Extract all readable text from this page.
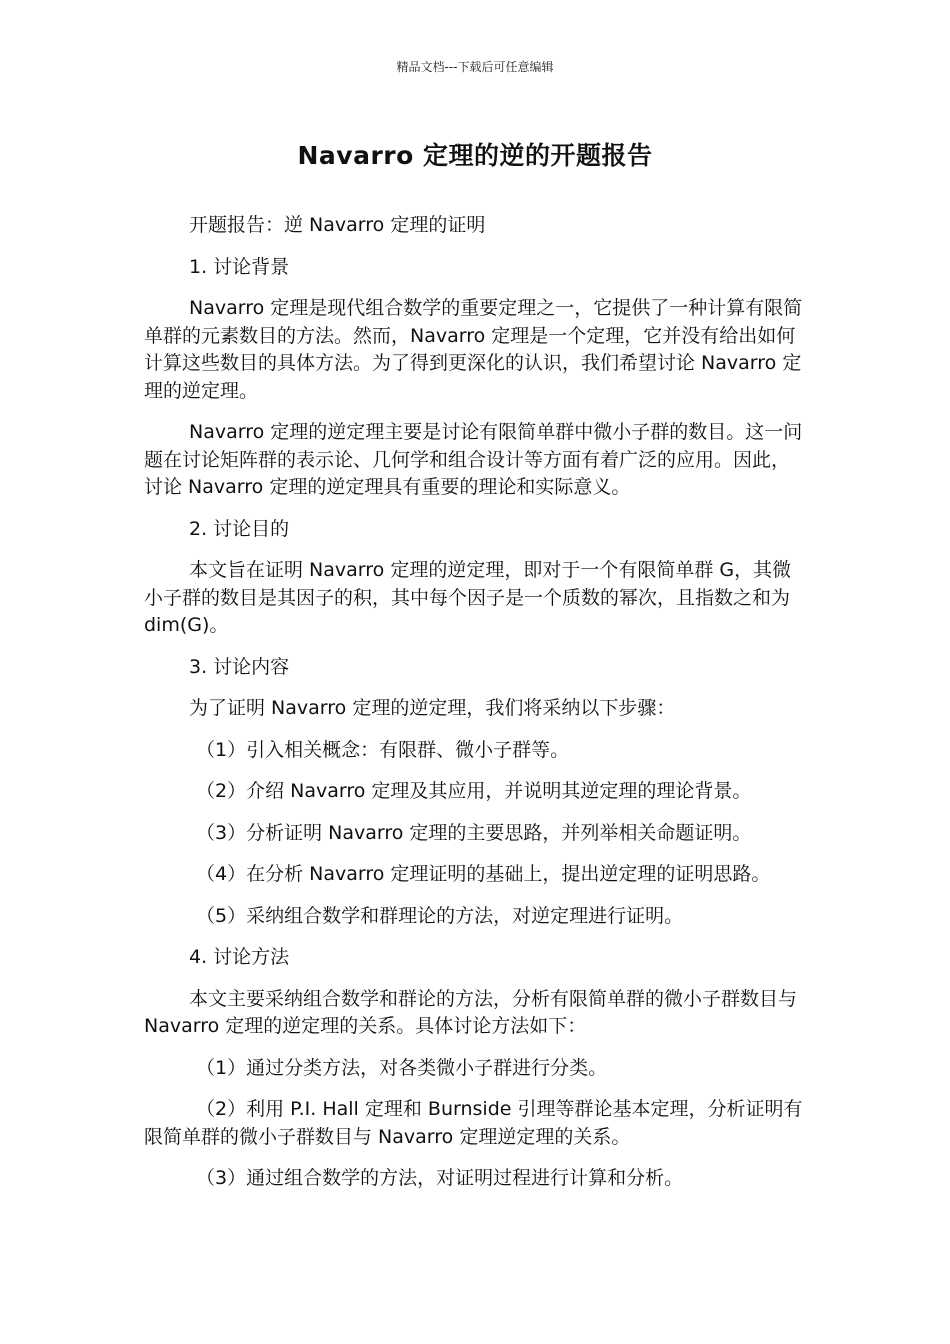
精品文档---下载后可任意编辑
Navarro 定理的逆的开题报告

开题报告：逆 Navarro 定理的证明

1. 讨论背景

Navarro 定理是现代组合数学的重要定理之一，它提供了一种计算有限简单群的元素数目的方法。然而，Navarro 定理是一个定理，它并没有给出如何计算这些数目的具体方法。为了得到更深化的认识，我们希望讨论 Navarro 定理的逆定理。

Navarro 定理的逆定理主要是讨论有限简单群中微小子群的数目。这一问题在讨论矩阵群的表示论、几何学和组合设计等方面有着广泛的应用。因此，讨论 Navarro 定理的逆定理具有重要的理论和实际意义。

2. 讨论目的

本文旨在证明 Navarro 定理的逆定理，即对于一个有限简单群 G，其微小子群的数目是其因子的积，其中每个因子是一个质数的幂次，且指数之和为 dim(G)。

3. 讨论内容

为了证明 Navarro 定理的逆定理，我们将采纳以下步骤：

（1）引入相关概念：有限群、微小子群等。

（2）介绍 Navarro 定理及其应用，并说明其逆定理的理论背景。

（3）分析证明 Navarro 定理的主要思路，并列举相关命题证明。

（4）在分析 Navarro 定理证明的基础上，提出逆定理的证明思路。

（5）采纳组合数学和群理论的方法，对逆定理进行证明。

4. 讨论方法

本文主要采纳组合数学和群论的方法，分析有限简单群的微小子群数目与 Navarro 定理的逆定理的关系。具体讨论方法如下：

（1）通过分类方法，对各类微小子群进行分类。

（2）利用 P.I. Hall 定理和 Burnside 引理等群论基本定理，分析证明有限简单群的微小子群数目与 Navarro 定理逆定理的关系。

（3）通过组合数学的方法，对证明过程进行计算和分析。
